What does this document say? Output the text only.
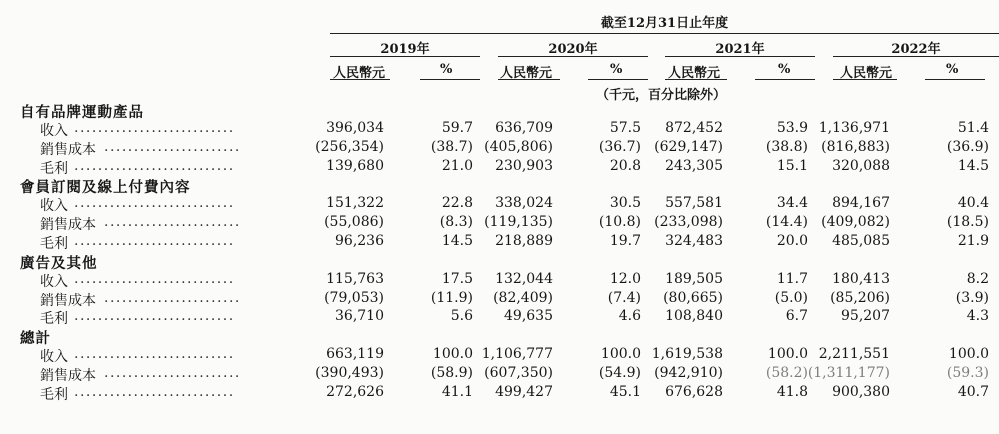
截至12月31日止年度
2019年	2020年	2021年	2022年
人民幣元	%	人民幣元	%	人民幣元	%	人民幣元	%
（千元，百分比除外）
自有品牌運動產品
收入 ...........................	396,034	59.7 636,709	57.5 872,452	53.9 1,136,971	51.4
銷售成本 .......................	(256,354)	(38.7) (405,806)	(36.7) (629,147)	(38.8) (816,883)	(36.9)
毛利 ...........................	139,680	21.0 230,903	20.8 243,305	15.1 320,088	14.5
會員訂閱及線上付費內容
收入 ...........................	151,322	22.8 338,024	30.5 557,581	34.4 894,167	40.4
銷售成本 .......................	(55,086)	(8.3) (119,135)	(10.8) (233,098)	(14.4) (409,082)	(18.5)
毛利 ...........................	96,236	14.5 218,889	19.7 324,483	20.0 485,085	21.9
廣告及其他
收入 ...........................	115,763	17.5 132,044	12.0 189,505	11.7 180,413	8.2
銷售成本 .......................	(79,053)	(11.9) (82,409)	(7.4) (80,665)	(5.0) (85,206)	(3.9)
毛利 ...........................	36,710	5.6 49,635	4.6 108,840	6.7 95,207	4.3
總計
收入 ...........................	663,119	100.0 1,106,777	100.0 1,619,538	100.0 2,211,551	100.0
銷售成本 .......................	(390,493)	(58.9) (607,350)	(54.9) (942,910)	(58.2) (1,311,177)	(59.3)
毛利 ...........................	272,626	41.1 499,427	45.1 676,628	41.8 900,380	40.7
